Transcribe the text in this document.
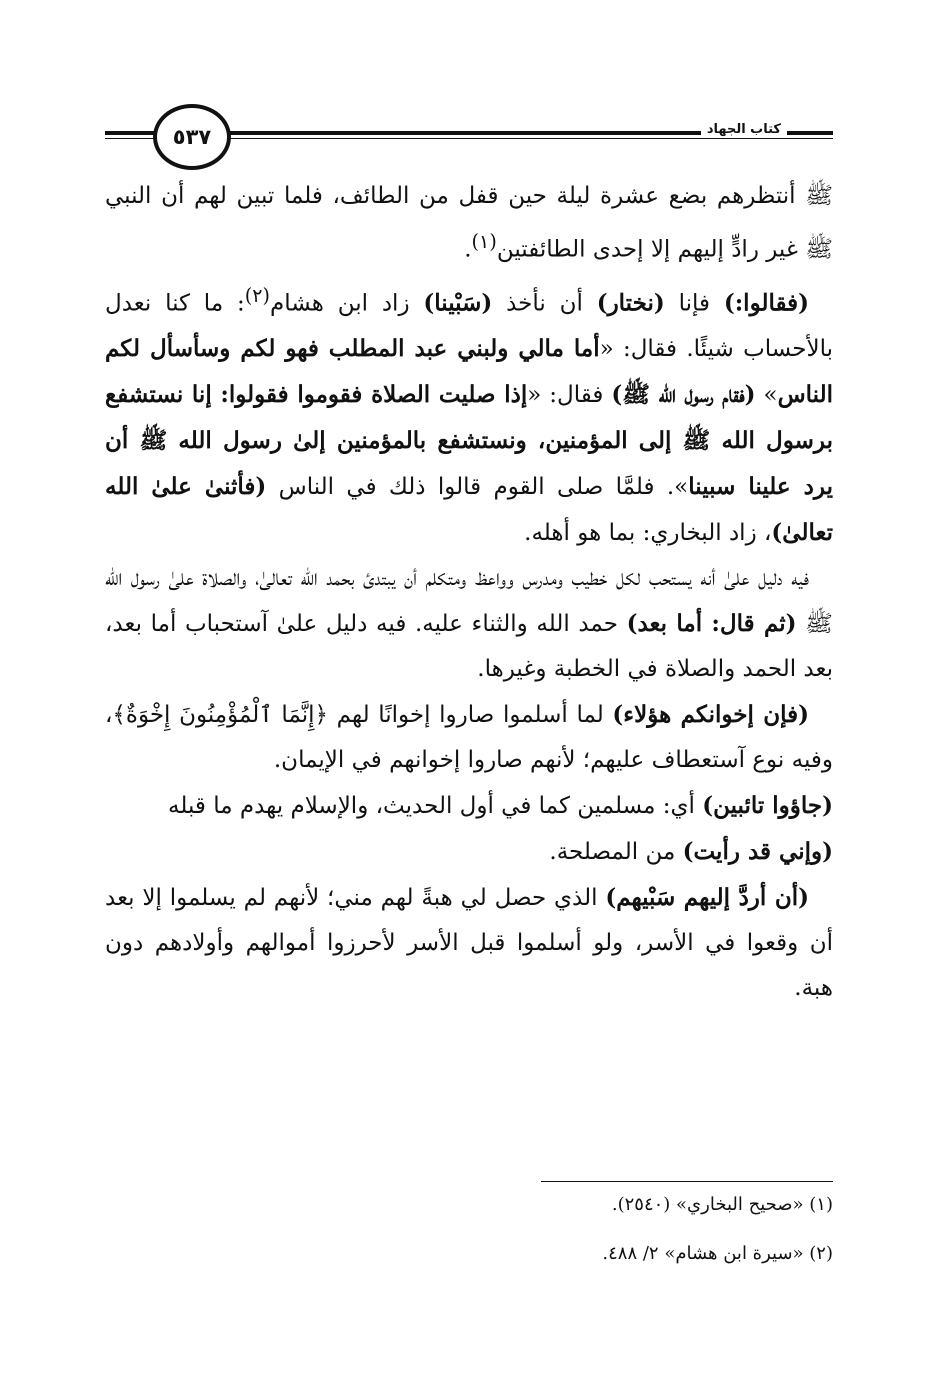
كتاب الجهاد
٥٣٧

ﷺ أنتظرهم بضع عشرة ليلة حين قفل من الطائف، فلما تبين لهم أن النبي ﷺ غير رادٍّ إليهم إلا إحدى الطائفتين$^{(١)}$.

(فقالوا:) فإنا (نختار) أن نأخذ (سَبْينا) زاد ابن هشام$^{(٢)}$: ما كنا نعدل بالأحساب شيئًا. فقال: «أما مالي ولبني عبد المطلب فهو لكم وسأسأل لكم الناس» (فقام رسول الله ﷺ) فقال: «إذا صليت الصلاة فقوموا فقولوا: إنا نستشفع برسول الله ﷺ إلى المؤمنين، ونستشفع بالمؤمنين إلىٰ رسول الله ﷺ أن يرد علينا سبينا». فلمَّا صلى القوم قالوا ذلك في الناس (فأثنىٰ علىٰ الله تعالىٰ)، زاد البخاري: بما هو أهله.

فيه دليل علىٰ أنه يستحب لكل خطيب ومدرس وواعظ ومتكلم أن يبتدئ بحمد الله تعالىٰ، والصلاة علىٰ رسول الله ﷺ (ثم قال: أما بعد) حمد الله والثناء عليه. فيه دليل علىٰ آستحباب أما بعد، بعد الحمد والصلاة في الخطبة وغيرها.

(فإن إخوانكم هؤلاء) لما أسلموا صاروا إخوانًا لهم ﴿إِنَّمَا ٱلْمُؤْمِنُونَ إِخْوَةٌ﴾، وفيه نوع آستعطاف عليهم؛ لأنهم صاروا إخوانهم في الإيمان.

(جاؤوا تائبين) أي: مسلمين كما في أول الحديث، والإسلام يهدم ما قبله

(وإني قد رأيت) من المصلحة.

(أن أردَّ إليهم سَبْيهم) الذي حصل لي هبةً لهم مني؛ لأنهم لم يسلموا إلا بعد أن وقعوا في الأسر، ولو أسلموا قبل الأسر لأحرزوا أموالهم وأولادهم دون هبة.

(١) «صحيح البخاري» (٢٥٤٠).
(٢) «سيرة ابن هشام» ٢/ ٤٨٨.
